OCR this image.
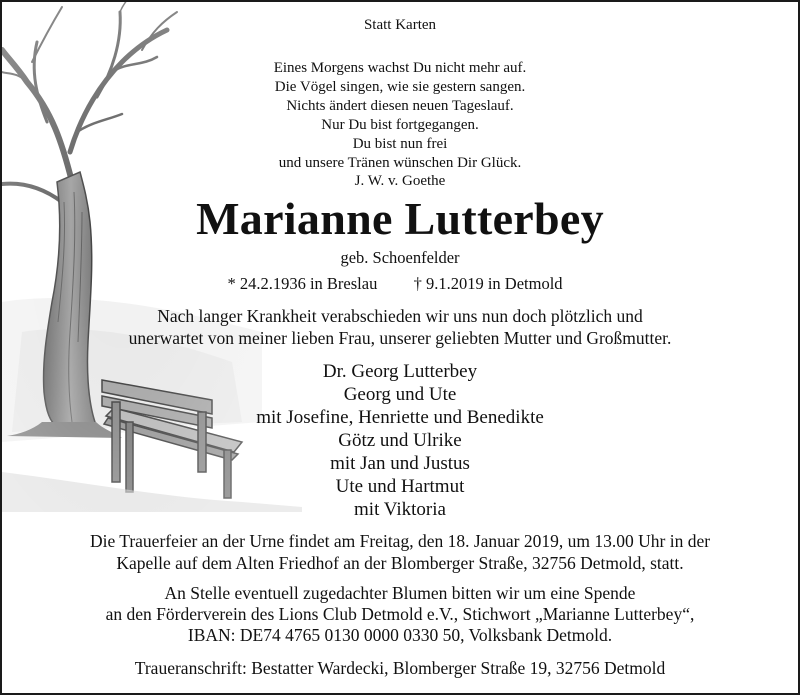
Statt Karten
Eines Morgens wachst Du nicht mehr auf.
Die Vögel singen, wie sie gestern sangen.
Nichts ändert diesen neuen Tageslauf.
Nur Du bist fortgegangen.
Du bist nun frei
und unsere Tränen wünschen Dir Glück.
J. W. v. Goethe
Marianne Lutterbey
geb. Schoenfelder
* 24.2.1936 in Breslau † 9.1.2019 in Detmold
Nach langer Krankheit verabschieden wir uns nun doch plötzlich und
unerwartet von meiner lieben Frau, unserer geliebten Mutter und Großmutter.
Dr. Georg Lutterbey
Georg und Ute
mit Josefine, Henriette und Benedikte
Götz und Ulrike
mit Jan und Justus
Ute und Hartmut
mit Viktoria
Die Trauerfeier an der Urne findet am Freitag, den 18. Januar 2019, um 13.00 Uhr in der
Kapelle auf dem Alten Friedhof an der Blomberger Straße, 32756 Detmold, statt.
An Stelle eventuell zugedachter Blumen bitten wir um eine Spende
an den Förderverein des Lions Club Detmold e.V., Stichwort „Marianne Lutterbey“,
IBAN: DE74 4765 0130 0000 0330 50, Volksbank Detmold.
Traueranschrift: Bestatter Wardecki, Blomberger Straße 19, 32756 Detmold
